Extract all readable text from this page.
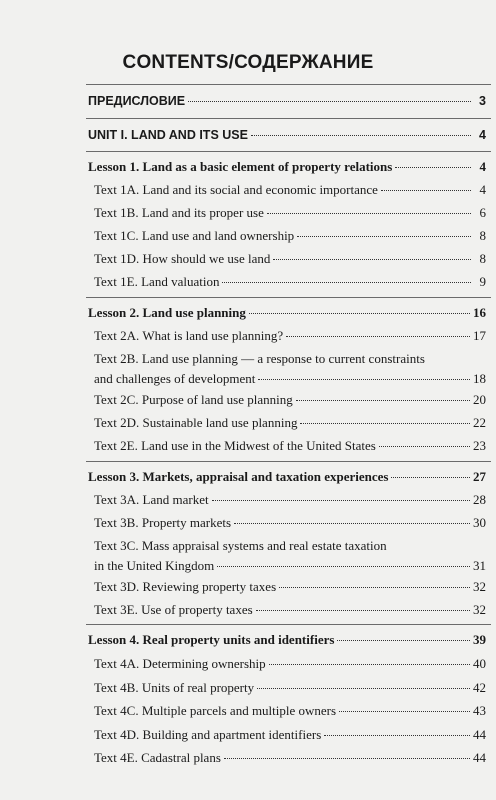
CONTENTS/СОДЕРЖАНИЕ
ПРЕДИСЛОВИЕ	3
UNIT I. LAND AND ITS USE	4
Lesson 1. Land as a basic element of property relations	4
Text 1A. Land and its social and economic importance	4
Text 1B. Land and its proper use	6
Text 1C. Land use and land ownership	8
Text 1D. How should we use land	8
Text 1E. Land valuation	9
Lesson 2. Land use planning	16
Text 2A. What is land use planning?	17
Text 2B. Land use planning — a response to current constraints
and challenges of development	18
Text 2C. Purpose of land use planning	20
Text 2D. Sustainable land use planning	22
Text 2E. Land use in the Midwest of the United States	23
Lesson 3. Markets, appraisal and taxation experiences	27
Text 3A. Land market	28
Text 3B. Property markets	30
Text 3C. Mass appraisal systems and real estate taxation
in the United Kingdom	31
Text 3D. Reviewing property taxes	32
Text 3E. Use of property taxes	32
Lesson 4. Real property units and identifiers	39
Text 4A. Determining ownership	40
Text 4B. Units of real property	42
Text 4C. Multiple parcels and multiple owners	43
Text 4D. Building and apartment identifiers	44
Text 4E. Cadastral plans	44
